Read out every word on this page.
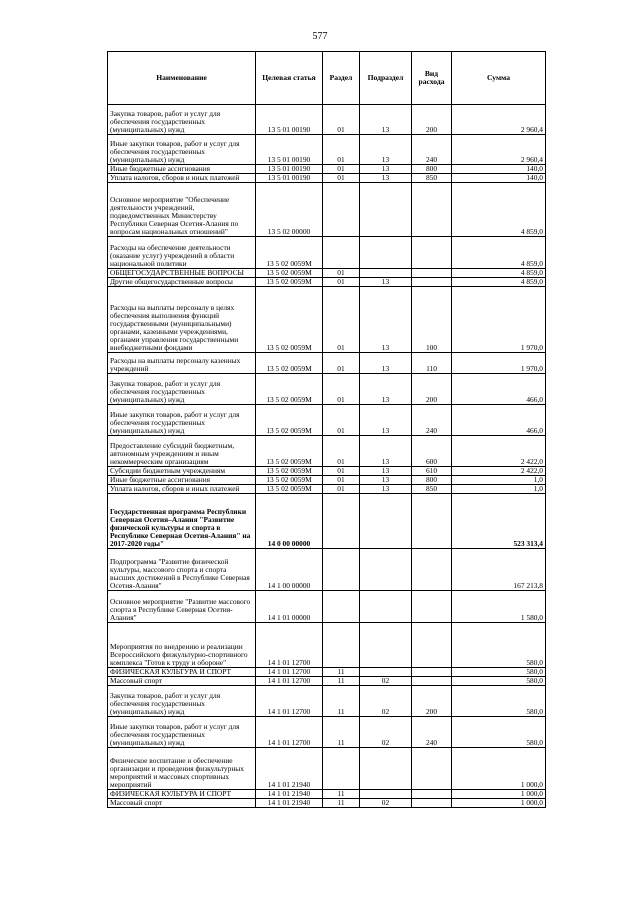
577
Наименование	Целевая статья	Раздел	Подраздел	Вид расхода	Сумма
Закупка товаров, работ и услуг для обеспечения государственных (муниципальных) нужд	13 5 01 00190	01	13	200	2 960,4
Иные закупки товаров, работ и услуг для обеспечения государственных (муниципальных) нужд	13 5 01 00190	01	13	240	2 960,4
Иные бюджетные ассигнования	13 5 01 00190	01	13	800	140,0
Уплата налогов, сборов и иных платежей	13 5 01 00190	01	13	850	140,0
Основное мероприятие "Обеспечение деятельности учреждений, подведомственных Министерству Республики Северная Осетия-Алания по вопросам национальных отношений"	13 5 02 00000				4 859,0
Расходы на обеспечение деятельности (оказание услуг) учреждений в области национальной политики	13 5 02 0059М				4 859,0
ОБЩЕГОСУДАРСТВЕННЫЕ ВОПРОСЫ	13 5 02 0059М	01			4 859,0
Другие общегосударственные вопросы	13 5 02 0059М	01	13		4 859,0
Расходы на выплаты персоналу в целях обеспечения выполнения функций государственными (муниципальными) органами, казенными учреждениями, органами управления государственными внебюджетными фондами	13 5 02 0059М	01	13	100	1 970,0
Расходы на выплаты персоналу казенных учреждений	13 5 02 0059М	01	13	110	1 970,0
Закупка товаров, работ и услуг для обеспечения государственных (муниципальных) нужд	13 5 02 0059М	01	13	200	466,0
Иные закупки товаров, работ и услуг для обеспечения государственных (муниципальных) нужд	13 5 02 0059М	01	13	240	466,0
Предоставление субсидий бюджетным, автономным учреждениям и иным некоммерческим организациям	13 5 02 0059М	01	13	600	2 422,0
Субсидии бюджетным учреждениям	13 5 02 0059М	01	13	610	2 422,0
Иные бюджетные ассигнования	13 5 02 0059М	01	13	800	1,0
Уплата налогов, сборов и иных платежей	13 5 02 0059М	01	13	850	1,0
Государственная программа Республики Северная Осетия–Алания "Развитие физической культуры и спорта в Республике Северная Осетия-Алания" на 2017-2020 годы"	14 0 00 00000				523 313,4
Подпрограмма "Развитие физической культуры, массового спорта и спорта высших достижений в Республике Северная Осетия-Алания"	14 1 00 00000				167 213,8
Основное мероприятие "Развитие массового спорта в Республике Северная Осетия-Алания"	14 1 01 00000				1 580,0
Мероприятия по внедрению и реализации Всероссийского физкультурно-спортивного комплекса "Готов к труду и обороне"	14 1 01 12700				580,0
ФИЗИЧЕСКАЯ КУЛЬТУРА И СПОРТ	14 1 01 12700	11			580,0
Массовый спорт	14 1 01 12700	11	02		580,0
Закупка товаров, работ и услуг для обеспечения государственных (муниципальных) нужд	14 1 01 12700	11	02	200	580,0
Иные закупки товаров, работ и услуг для обеспечения государственных (муниципальных) нужд	14 1 01 12700	11	02	240	580,0
Физическое воспитание и обеспечение организации и проведения физкультурных мероприятий и массовых спортивных мероприятий	14 1 01 21940				1 000,0
ФИЗИЧЕСКАЯ КУЛЬТУРА И СПОРТ	14 1 01 21940	11			1 000,0
Массовый спорт	14 1 01 21940	11	02		1 000,0
